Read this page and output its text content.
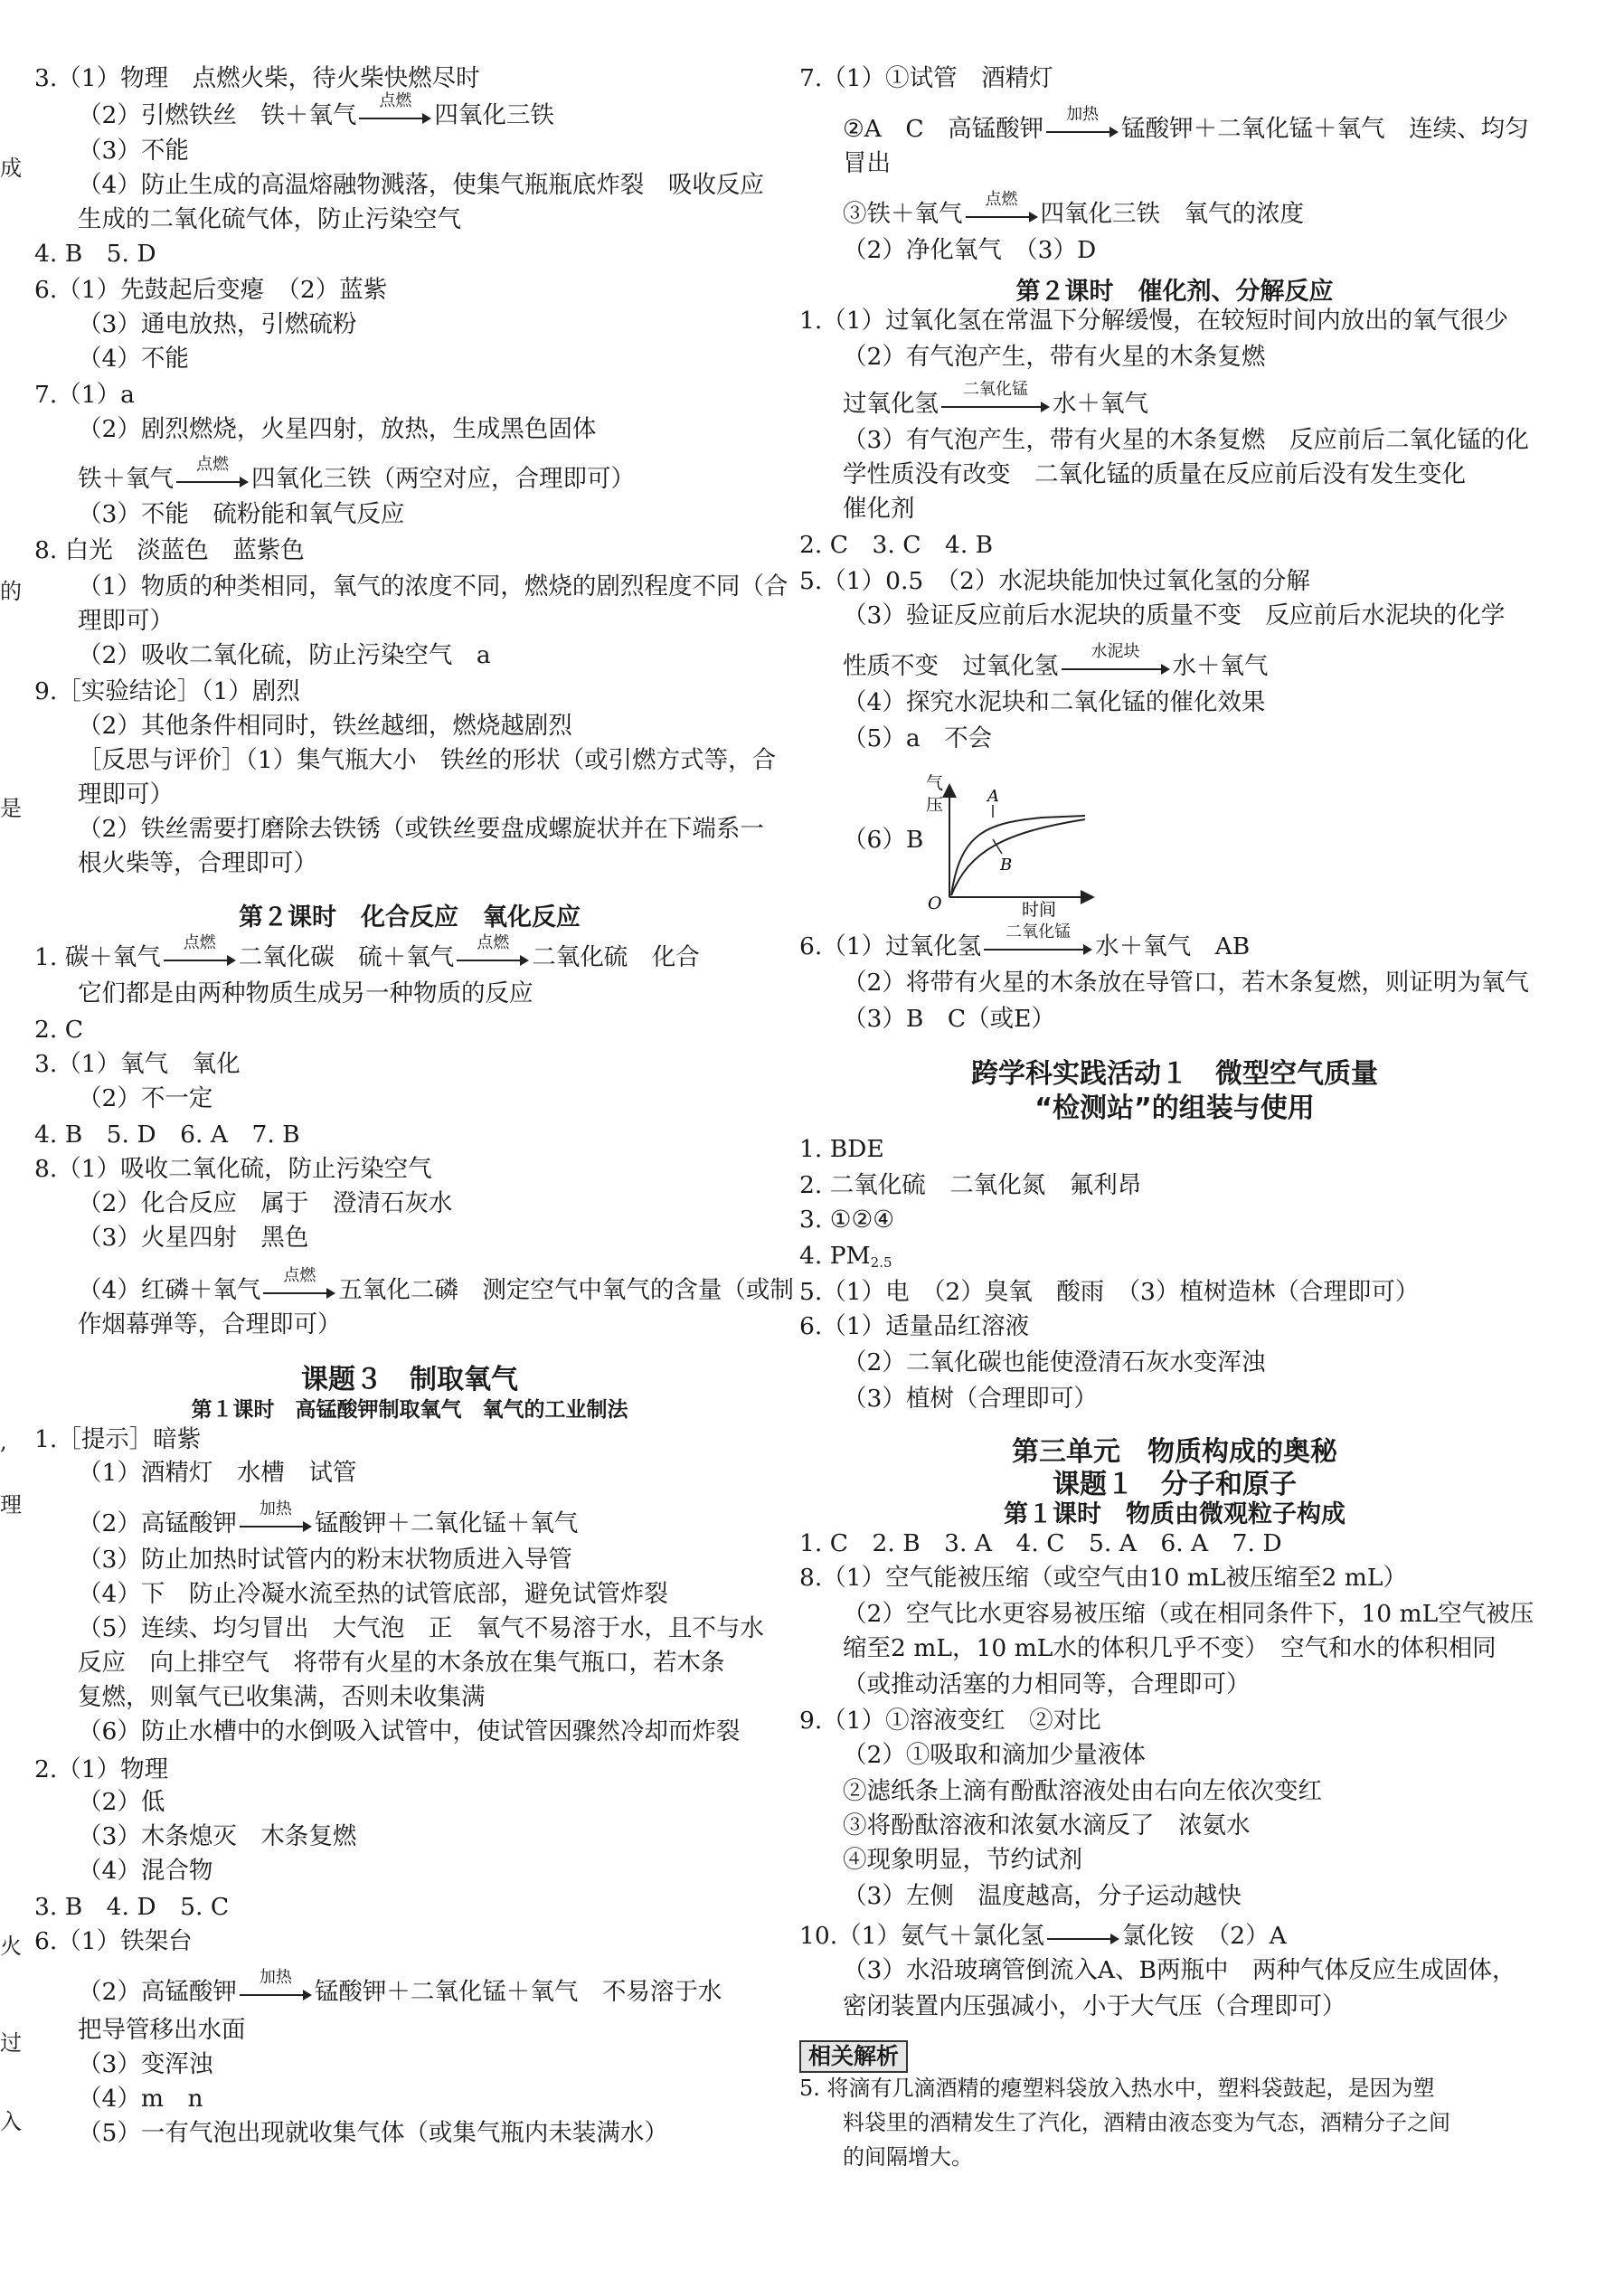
成
的
是
,
理
火
过
入
3.（1）物理　点燃火柴，待火柴快燃尽时
（2）引燃铁丝　铁＋氧气
点燃
四氧化三铁
（3）不能
（4）防止生成的高温熔融物溅落，使集气瓶瓶底炸裂　吸收反应
生成的二氧化硫气体，防止污染空气
4. B　5. D
6.（1）先鼓起后变瘪　（2）蓝紫
（3）通电放热，引燃硫粉
（4）不能
7.（1）a
（2）剧烈燃烧，火星四射，放热，生成黑色固体
铁＋氧气
点燃
四氧化三铁（两空对应，合理即可）
（3）不能　硫粉能和氧气反应
8. 白光　淡蓝色　蓝紫色
（1）物质的种类相同，氧气的浓度不同，燃烧的剧烈程度不同（合
理即可）
（2）吸收二氧化硫，防止污染空气　a
9.［实验结论］（1）剧烈
（2）其他条件相同时，铁丝越细，燃烧越剧烈
［反思与评价］（1）集气瓶大小　铁丝的形状（或引燃方式等，合
理即可）
（2）铁丝需要打磨除去铁锈（或铁丝要盘成螺旋状并在下端系一
根火柴等，合理即可）
第２课时　化合反应　氧化反应
1. 碳＋氧气
点燃
二氧化碳　硫＋氧气
点燃
二氧化硫　化合
它们都是由两种物质生成另一种物质的反应
2. C
3.（1）氧气　氧化
（2）不一定
4. B　5. D　6. A　7. B
8.（1）吸收二氧化硫，防止污染空气
（2）化合反应　属于　澄清石灰水
（3）火星四射　黑色
（4）红磷＋氧气
点燃
五氧化二磷　测定空气中氧气的含量（或制
作烟幕弹等，合理即可）
课题３　制取氧气
第１课时　高锰酸钾制取氧气　氧气的工业制法
1.［提示］暗紫
（1）酒精灯　水槽　试管
（2）高锰酸钾
加热
锰酸钾＋二氧化锰＋氧气
（3）防止加热时试管内的粉末状物质进入导管
（4）下　防止冷凝水流至热的试管底部，避免试管炸裂
（5）连续、均匀冒出　大气泡　正　氧气不易溶于水，且不与水
反应　向上排空气　将带有火星的木条放在集气瓶口，若木条
复燃，则氧气已收集满，否则未收集满
（6）防止水槽中的水倒吸入试管中，使试管因骤然冷却而炸裂
2.（1）物理
（2）低
（3）木条熄灭　木条复燃
（4）混合物
3. B　4. D　5. C
6.（1）铁架台
（2）高锰酸钾
加热
锰酸钾＋二氧化锰＋氧气　不易溶于水
把导管移出水面
（3）变浑浊
（4）m　n
（5）一有气泡出现就收集气体（或集气瓶内未装满水）
7.（1）①试管　酒精灯
②A　C　高锰酸钾
加热
锰酸钾＋二氧化锰＋氧气　连续、均匀
冒出
③铁＋氧气
点燃
四氧化三铁　氧气的浓度
（2）净化氧气　（3）D
第２课时　催化剂、分解反应
1.（1）过氧化氢在常温下分解缓慢，在较短时间内放出的氧气很少
（2）有气泡产生，带有火星的木条复燃
过氧化氢
二氧化锰
水＋氧气
（3）有气泡产生，带有火星的木条复燃　反应前后二氧化锰的化
学性质没有改变　二氧化锰的质量在反应前后没有发生变化
催化剂
2. C　3. C　4. B
5.（1）0.5　（2）水泥块能加快过氧化氢的分解
（3）验证反应前后水泥块的质量不变　反应前后水泥块的化学
性质不变　过氧化氢
水泥块
水＋氧气
（4）探究水泥块和二氧化锰的催化效果
（5）a　不会
（6）B
6.（1）过氧化氢
二氧化锰
水＋氧气　AB
（2）将带有火星的木条放在导管口，若木条复燃，则证明为氧气
（3）B　C（或E）
跨学科实践活动１　微型空气质量
“检测站”的组装与使用
1. BDE
2. 二氧化硫　二氧化氮　氟利昂
3. ①②④
4. $PM_{2.5}$
5.（1）电　（2）臭氧　酸雨　（3）植树造林（合理即可）
6.（1）适量品红溶液
（2）二氧化碳也能使澄清石灰水变浑浊
（3）植树（合理即可）
第三单元　物质构成的奥秘
课题１　分子和原子
第１课时　物质由微观粒子构成
1. C　2. B　3. A　4. C　5. A　6. A　7. D
8.（1）空气能被压缩（或空气由10 mL被压缩至2 mL）
（2）空气比水更容易被压缩（或在相同条件下，10 mL空气被压
缩至2 mL，10 mL水的体积几乎不变）　空气和水的体积相同
（或推动活塞的力相同等，合理即可）
9.（1）①溶液变红　②对比
（2）①吸取和滴加少量液体
②滤纸条上滴有酚酞溶液处由右向左依次变红
③将酚酞溶液和浓氨水滴反了　浓氨水
④现象明显，节约试剂
（3）左侧　温度越高，分子运动越快
10.（1）氨气＋氯化氢	氯化铵　（2）A
（3）水沿玻璃管倒流入A、B两瓶中　两种气体反应生成固体，
密闭装置内压强减小，小于大气压（合理即可）
相关解析
5. 将滴有几滴酒精的瘪塑料袋放入热水中，塑料袋鼓起，是因为塑
料袋里的酒精发生了汽化，酒精由液态变为气态，酒精分子之间
的间隔增大。
气
压
时间
O
A
B
